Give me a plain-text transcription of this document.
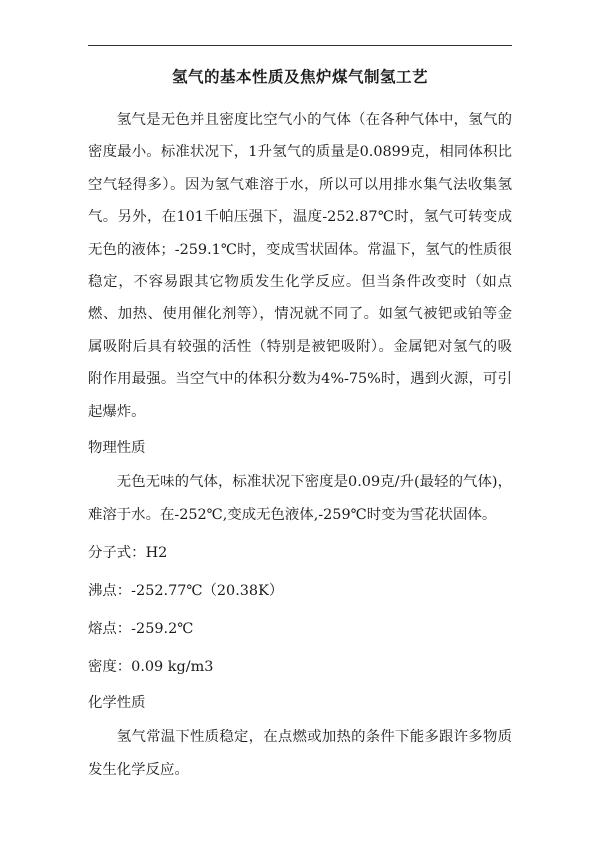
氢气的基本性质及焦炉煤气制氢工艺

氢气是无色并且密度比空气小的气体（在各种气体中，氢气的密度最小。标准状况下，1升氢气的质量是0.0899克，相同体积比空气轻得多）。因为氢气难溶于水，所以可以用排水集气法收集氢气。另外，在101千帕压强下，温度-252.87℃时，氢气可转变成无色的液体；-259.1℃时，变成雪状固体。常温下，氢气的性质很稳定，不容易跟其它物质发生化学反应。但当条件改变时（如点燃、加热、使用催化剂等），情况就不同了。如氢气被钯或铂等金属吸附后具有较强的活性（特别是被钯吸附）。金属钯对氢气的吸附作用最强。当空气中的体积分数为4%-75%时，遇到火源，可引起爆炸。

物理性质

无色无味的气体，标准状况下密度是0.09克/升(最轻的气体)，难溶于水。在-252℃,变成无色液体,-259℃时变为雪花状固体。

分子式：H2

沸点：-252.77℃（20.38K）

熔点：-259.2℃

密度：0.09 kg/m3

化学性质

氢气常温下性质稳定，在点燃或加热的条件下能多跟许多物质发生化学反应。
